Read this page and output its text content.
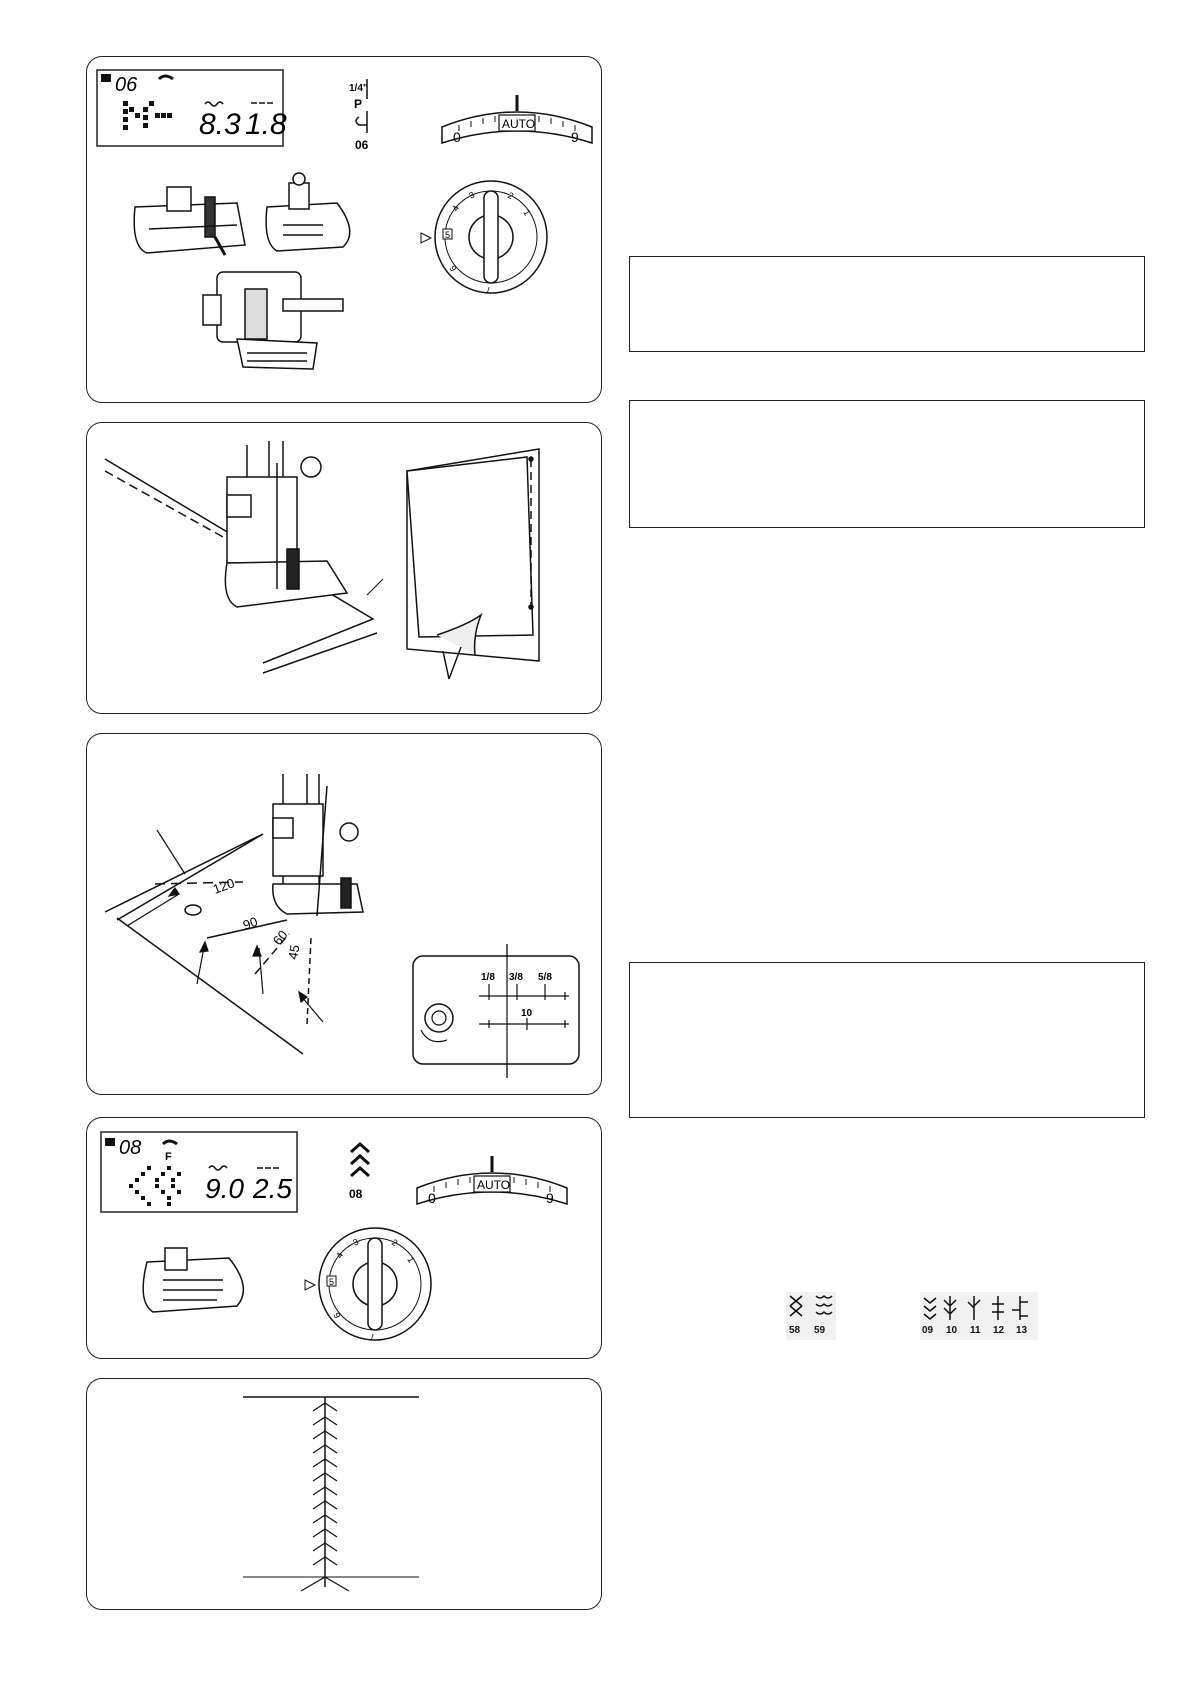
06
8.3 1.8
1/4"
P
06
AUTO
0	9
3	2
1
4
5
6
7
120
90
60
45
1/8 3/8 5/8
10
08 F
9.0 2.5	08
AUTO
0	9
3	2
1
4
5
6
7
58 59	09 10 11 12 13
